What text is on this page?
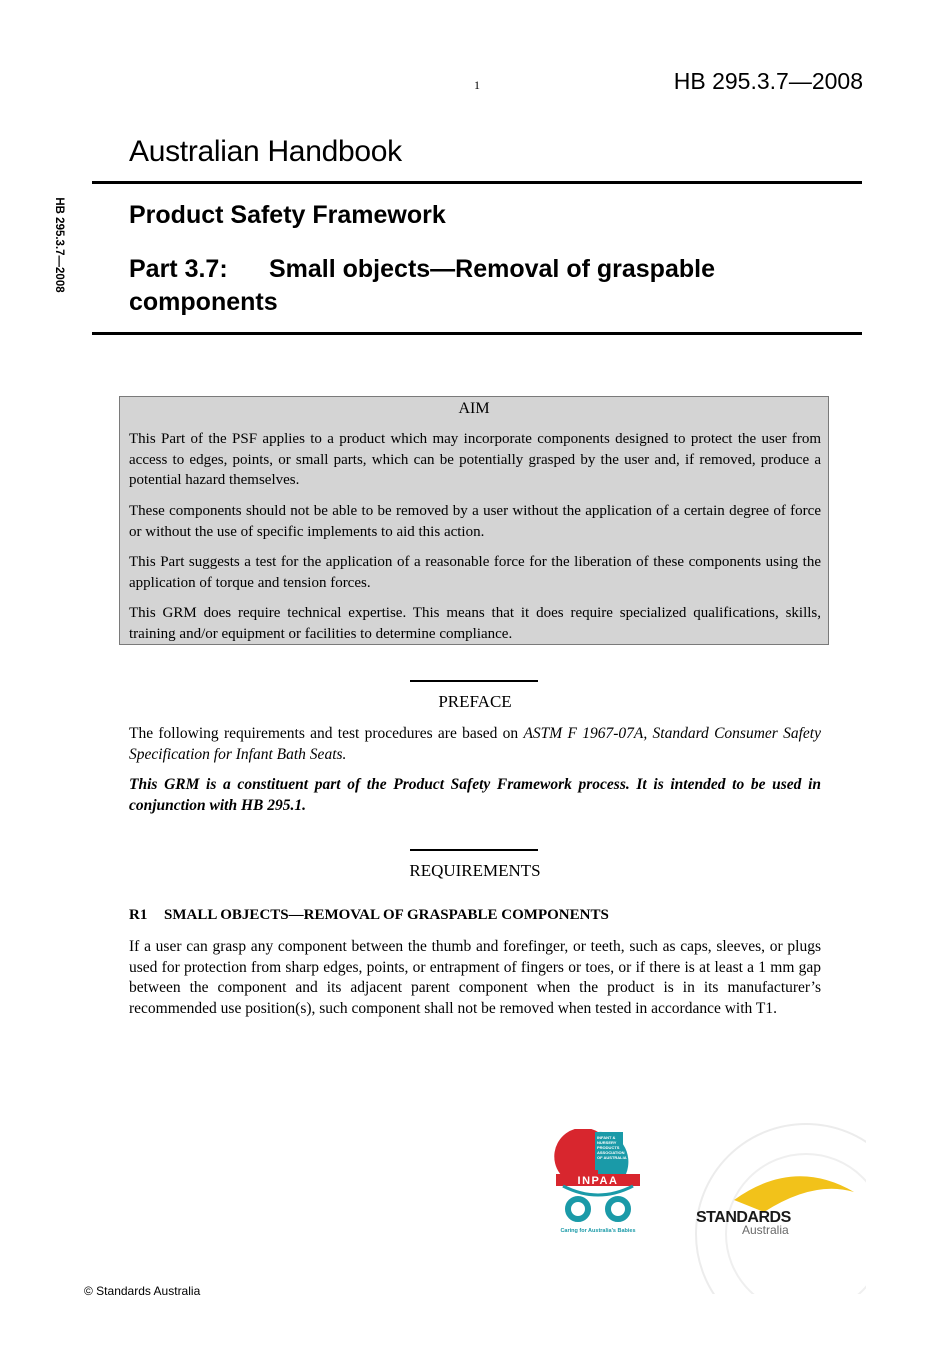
1	HB 295.3.7—2008
HB 295.3.7—2008
Australian Handbook
Product Safety Framework
Part 3.7: Small objects—Removal of graspable components
AIM
This Part of the PSF applies to a product which may incorporate components designed to protect the user from access to edges, points, or small parts, which can be potentially grasped by the user and, if removed, produce a potential hazard themselves.
These components should not be able to be removed by a user without the application of a certain degree of force or without the use of specific implements to aid this action.
This Part suggests a test for the application of a reasonable force for the liberation of these components using the application of torque and tension forces.
This GRM does require technical expertise. This means that it does require specialized qualifications, skills, training and/or equipment or facilities to determine compliance.
PREFACE
The following requirements and test procedures are based on ASTM F 1967-07A, Standard Consumer Safety Specification for Infant Bath Seats.
This GRM is a constituent part of the Product Safety Framework process. It is intended to be used in conjunction with HB 295.1.
REQUIREMENTS
R1 SMALL OBJECTS—REMOVAL OF GRASPABLE COMPONENTS
If a user can grasp any component between the thumb and forefinger, or teeth, such as caps, sleeves, or plugs used for protection from sharp edges, points, or entrapment of fingers or toes, or if there is at least a 1 mm gap between the component and its adjacent parent component when the product is in its manufacturer’s recommended use position(s), such component shall not be removed when tested in accordance with T1.
INFANT &
NURSERY
PRODUCTS
ASSOCIATION
OF AUSTRALIA
INPAA
Caring for Australia's Babies
STANDARDS
Australia
© Standards Australia
